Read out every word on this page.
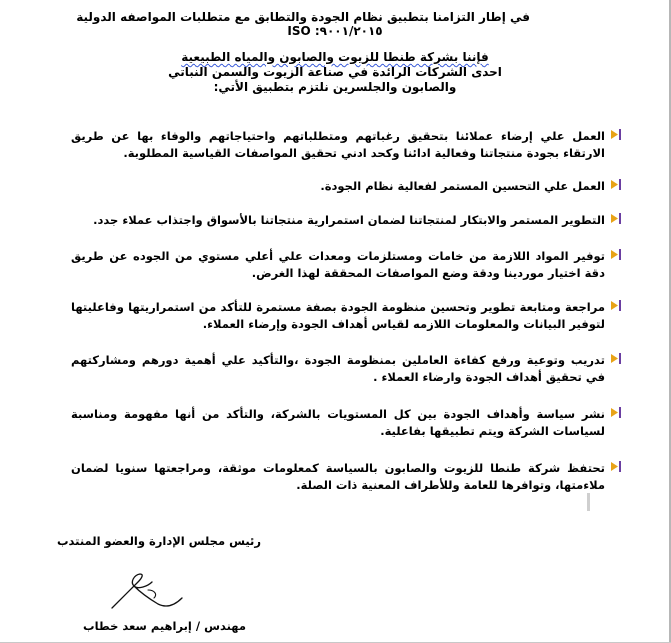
في إطار التزامنا بتطبيق نظام الجودة والتطابق مع متطلبات المواصفه الدولية
ISO :٩٠٠١/٢٠١٥
فإننا بشركة طنطا للزيوت والصابون والمياه الطبيعية
احدى الشركات الرائدة في صناعة الزيوت والسمن النباتي
والصابون والجلسرين نلتزم بتطبيق الأتي:
العمل علي إرضاء عملائنا بتحقيق رغباتهم ومتطلباتهم واحتياجاتهم والوفاء بها عن طريق الارتقاء بجودة منتجاتنا وفعالية ادائنا وكحد ادني تحقيق المواصفات القياسية المطلوبة.
العمل علي التحسين المستمر لفعالية نظام الجودة.
التطوير المستمر والابتكار لمنتجاتنا لضمان استمرارية منتجاتنا بالأسواق واجتذاب عملاء جدد.
توفير المواد اللازمة من خامات ومستلزمات ومعدات علي أعلي مستوي من الجوده عن طريق دقة اختيار موردينا ودقة وضع المواصفات المحققة لهذا الغرض.
مراجعة ومتابعة تطوير وتحسين منظومة الجودة بصفة مستمرة للتأكد من استمراريتها وفاعليتها لتوفير البيانات والمعلومات اللازمه لقياس أهداف الجودة وإرضاء العملاء.
تدريب وتوعية ورفع كفاءة العاملين بمنظومة الجودة ،والتأكيد علي أهمية دورهم ومشاركتهم في تحقيق أهداف الجودة وارضاء العملاء .
نشر سياسة وأهداف الجودة بين كل المستويات بالشركة، والتأكد من أنها مفهومة ومناسبة لسياسات الشركة ويتم تطبيقها بفاعلية.
تحتفظ شركة طنطا للزيوت والصابون بالسياسة كمعلومات موثقة، ومراجعتها سنويا لضمان ملاءمتها، وتوافرها للعامة وللأطراف المعنية ذات الصلة.
رئيس مجلس الإدارة والعضو المنتدب
مهندس / إبراهيم سعد خطاب
